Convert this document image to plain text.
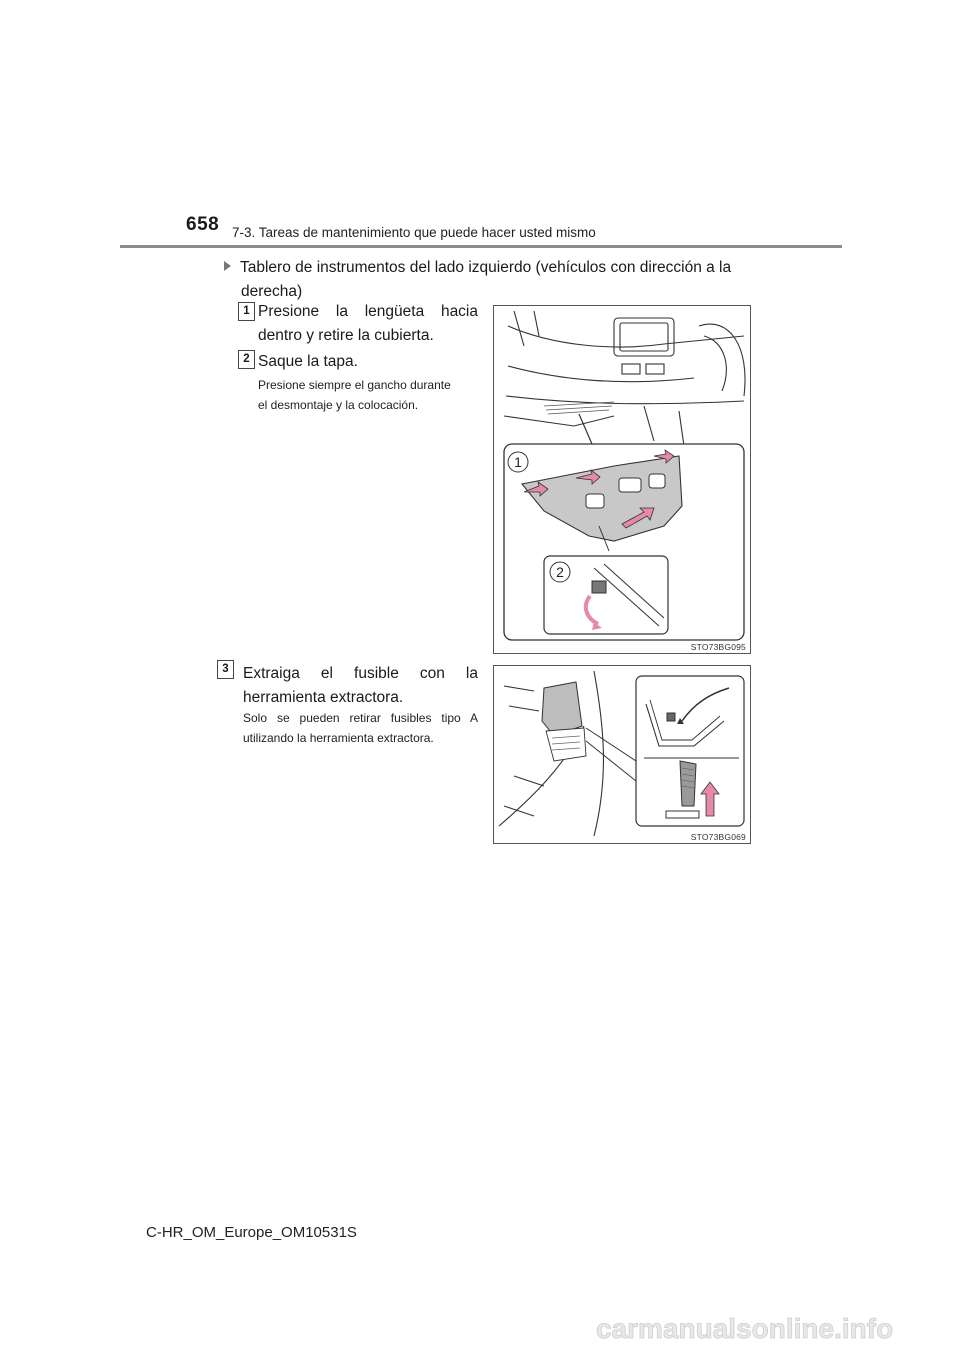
658 7-3. Tareas de mantenimiento que puede hacer usted mismo
Tablero de instrumentos del lado izquierdo (vehículos con dirección a la
derecha)
1 Presione la lengüeta hacia
dentro y retire la cubierta.
2 Saque la tapa.
Presione siempre el gancho durante
el desmontaje y la colocación.
3 Extraiga el fusible con la
herramienta extractora.
Solo se pueden retirar fusibles tipo A
utilizando la herramienta extractora.
1
2
STO73BG095
STO73BG069
C-HR_OM_Europe_OM10531S
carmanualsonline.info
